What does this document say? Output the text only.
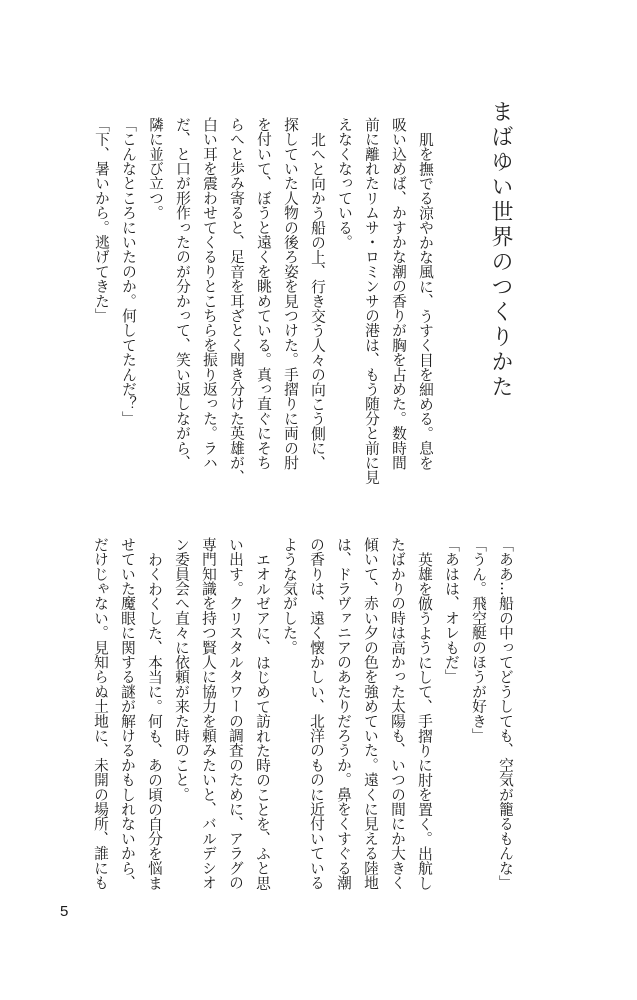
まばゆい世界のつくりかた
肌を撫でる涼やかな風に、うすく目を細める。息を
吸い込めば、かすかな潮の香りが胸を占めた。数時間
前に離れたリムサ・ロミンサの港は、もう随分と前に見
えなくなっている。
北へと向かう船の上、行き交う人々の向こう側に、
探していた人物の後ろ姿を見つけた。手摺りに両の肘
を付いて、ぼうと遠くを眺めている。真っ直ぐにそち
らへと歩み寄ると、足音を耳ざとく聞き分けた英雄が、
白い耳を震わせてくるりとこちらを振り返った。ラハ
だ、と口が形作ったのが分かって、笑い返しながら、
隣に並び立つ。
「こんなところにいたのか。何してたんだ？」
「下、暑いから。逃げてきた」
「ああ…船の中ってどうしても、空気が籠るもんな」
「うん。飛空艇のほうが好き」
「あはは、オレもだ」
英雄を倣うようにして、手摺りに肘を置く。出航し
たばかりの時は高かった太陽も、いつの間にか大きく
傾いて、赤い夕の色を強めていた。遠くに見える陸地
は、ドラヴァニアのあたりだろうか。鼻をくすぐる潮
の香りは、遠く懐かしい、北洋のものに近付いている
ような気がした。
エオルゼアに、はじめて訪れた時のことを、ふと思
い出す。クリスタルタワーの調査のために、アラグの
専門知識を持つ賢人に協力を頼みたいと、バルデシオ
ン委員会へ直々に依頼が来た時のこと。
わくわくした、本当に。何も、あの頃の自分を悩ま
せていた魔眼に関する謎が解けるかもしれないから、
だけじゃない。見知らぬ土地に、未開の場所、誰にも
5
